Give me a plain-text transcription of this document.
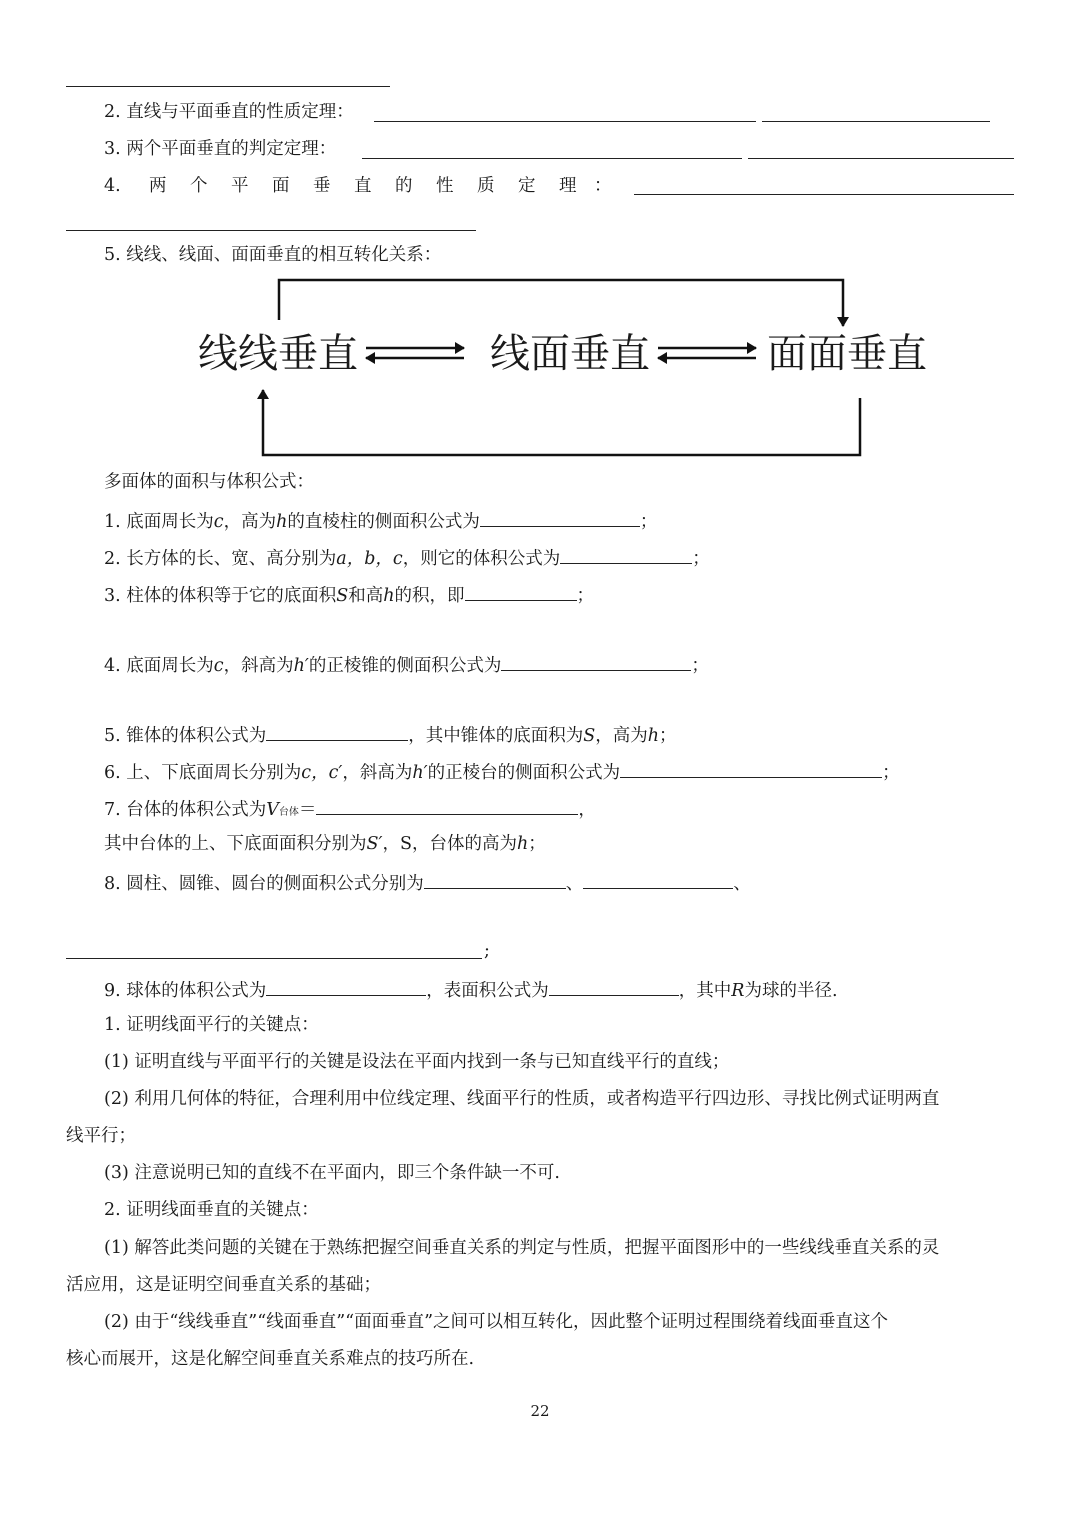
2. 直线与平面垂直的性质定理：
3. 两个平面垂直的判定定理：
4. 两 个 平 面 垂 直 的 性 质 定 理 ：
5. 线线、线面、面面垂直的相互转化关系：
线线垂直	线面垂直	面面垂直
多面体的面积与体积公式：
1. 底面周长为c，高为h的直棱柱的侧面积公式为	；
2. 长方体的长、宽、高分别为a，b，c，则它的体积公式为	；
3. 柱体的体积等于它的底面积S和高h的积，即	；
4. 底面周长为c，斜高为h′的正棱锥的侧面积公式为	；
5. 锥体的体积公式为	，其中锥体的底面积为S，高为h；
6. 上、下底面周长分别为c，c′，斜高为h′的正棱台的侧面积公式为	；
7. 台体的体积公式为V台体＝	，
其中台体的上、下底面面积分别为S′，S，台体的高为h；
8. 圆柱、圆锥、圆台的侧面积公式分别为	、	、
;
9. 球体的体积公式为	，表面积公式为	，其中R为球的半径.
1. 证明线面平行的关键点：
(1) 证明直线与平面平行的关键是设法在平面内找到一条与已知直线平行的直线；
(2) 利用几何体的特征，合理利用中位线定理、线面平行的性质，或者构造平行四边形、寻找比例式证明两直
线平行；
(3) 注意说明已知的直线不在平面内，即三个条件缺一不可.
2. 证明线面垂直的关键点：
(1) 解答此类问题的关键在于熟练把握空间垂直关系的判定与性质，把握平面图形中的一些线线垂直关系的灵
活应用，这是证明空间垂直关系的基础；
(2) 由于“线线垂直”“线面垂直”“面面垂直”之间可以相互转化，因此整个证明过程围绕着线面垂直这个
核心而展开，这是化解空间垂直关系难点的技巧所在.
22
